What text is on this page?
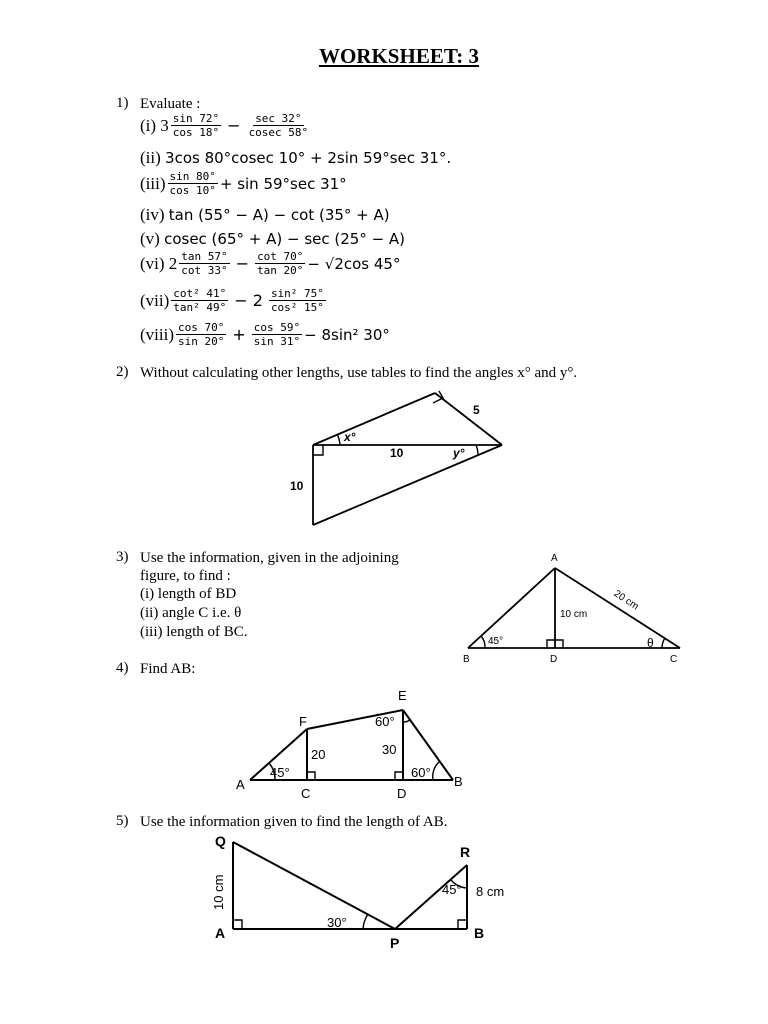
WORKSHEET: 3
1) Evaluate :
(i) $3 \frac{\sin 72^\circ}{\cos 18^\circ} - \frac{\sec 32^\circ}{cosec 58^\circ}$
(ii)
3cos 80°cosec 10° + 2sin 59°sec 31°.
$(iii) \frac{\sin 80^\circ}{\cos 10^\circ} + \sin 59^\circ\sec$ 31°
(iv)
tan (55° − A) − cot (35° + A)
(v)
cosec (65° + A) − sec (25° − A)
(vi) $2 \frac{\tan 57^\circ}{\cot 33^\circ} - \frac{\cot 70^\circ}{\tan 20^\circ} - √2\cos$ 45°
$(vii) \frac{\text{cot² 41°}}{\text{tan² 49°}} - 2 \frac{\text{sin² 75°}}{\text{cos² 15°}}$
(viii) $\frac{\cos 70^\circ}{\sin 20^\circ} + \frac{\cos 59^\circ}{\sin 31^\circ} - 8\sin^2$ 30°
2) Without calculating other lengths, use tables to find the angles x° and y°.
x°
y°
5
10
10
3) Use the information, given in the adjoining
figure, to find :
(i) length of BD
(ii) angle C i.e. θ
(iii) length of BC.
A
B	D	C
10 cm
20 cm
45°	θ
4) Find AB:
F
E
A	B
C	D
20	30
45°	60°
60°
5) Use the information given to find the length of AB.
Q
A
P
R
B
10 cm	8 cm
30°
45°
